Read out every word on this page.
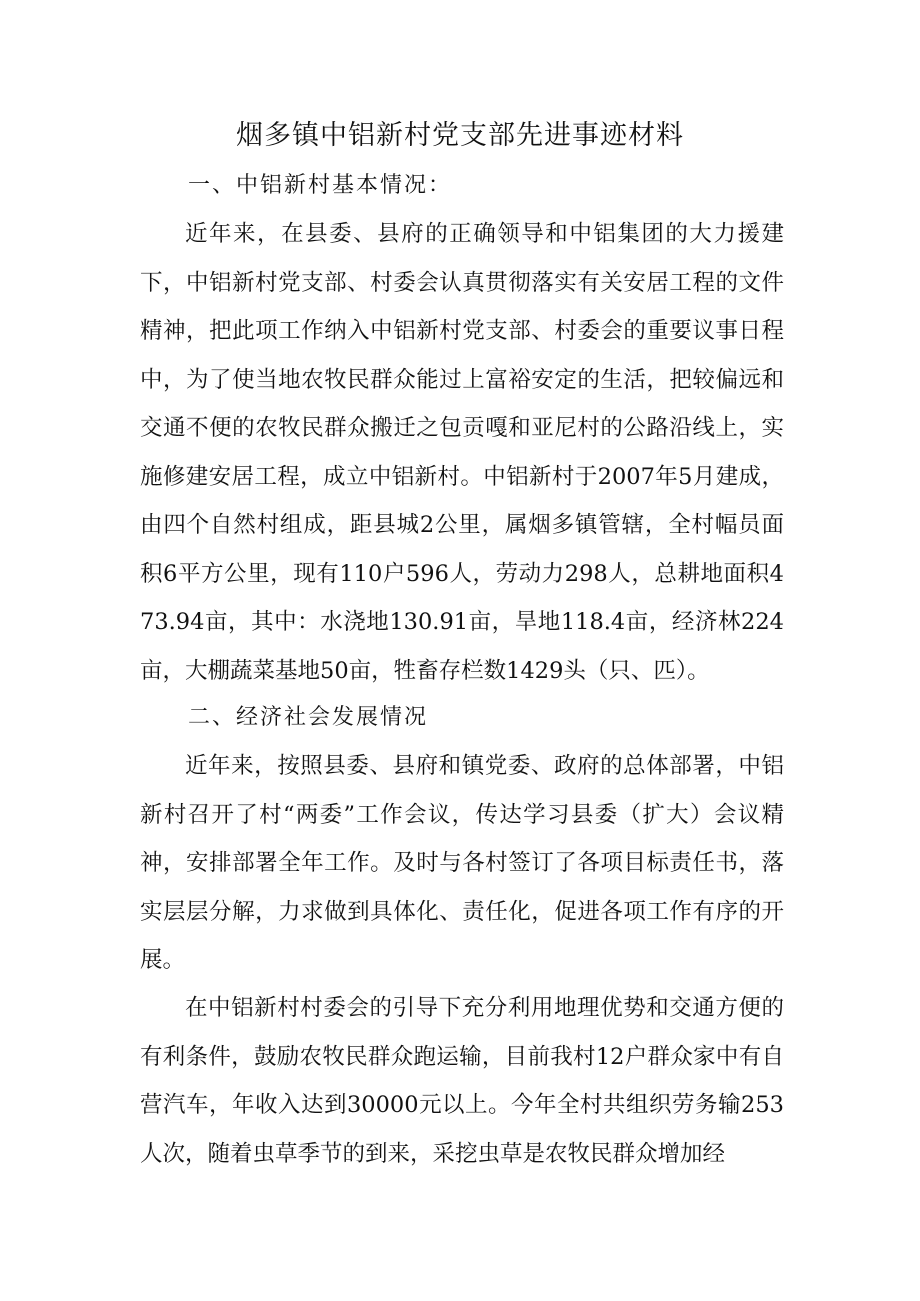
烟多镇中铝新村党支部先进事迹材料
一、中铝新村基本情况：

近年来，在县委、县府的正确领导和中铝集团的大力援建下，中铝新村党支部、村委会认真贯彻落实有关安居工程的文件精神，把此项工作纳入中铝新村党支部、村委会的重要议事日程中，为了使当地农牧民群众能过上富裕安定的生活，把较偏远和交通不便的农牧民群众搬迁之包贡嘎和亚尼村的公路沿线上，实施修建安居工程，成立中铝新村。中铝新村于2007年5月建成，由四个自然村组成，距县城2公里，属烟多镇管辖，全村幅员面积6平方公里，现有110户596人，劳动力298人，总耕地面积473.94亩，其中：水浇地130.91亩，旱地118.4亩，经济林224亩，大棚蔬菜基地50亩，牲畜存栏数1429头（只、匹）。

二、经济社会发展情况

近年来，按照县委、县府和镇党委、政府的总体部署，中铝新村召开了村“两委”工作会议，传达学习县委（扩大）会议精神，安排部署全年工作。及时与各村签订了各项目标责任书，落实层层分解，力求做到具体化、责任化，促进各项工作有序的开展。

在中铝新村村委会的引导下充分利用地理优势和交通方便的有利条件，鼓励农牧民群众跑运输，目前我村12户群众家中有自营汽车，年收入达到30000元以上。今年全村共组织劳务输253人次，随着虫草季节的到来，采挖虫草是农牧民群众增加经
